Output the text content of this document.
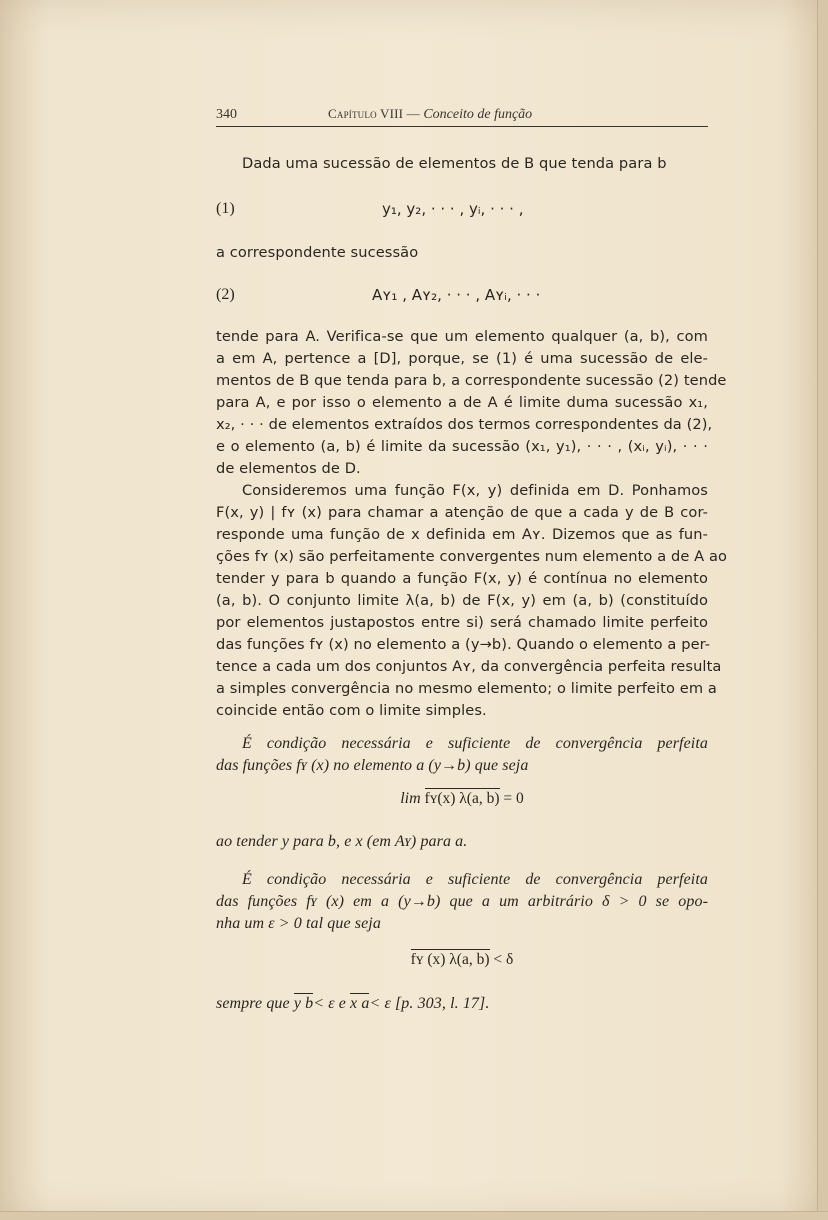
340	Capítulo VIII — Conceito de função
Dada uma sucessão de elementos de B que tenda para b
(1)	y₁, y₂, · · · , yᵢ, · · · ,
a correspondente sucessão
(2)	Aʏ₁ , Aʏ₂, · · · , Aʏᵢ, · · ·
tende para A. Verifica-se que um elemento qualquer (a, b), com
a em A, pertence a [D], porque, se (1) é uma sucessão de ele-
mentos de B que tenda para b, a correspondente sucessão (2) tende
para A, e por isso o elemento a de A é limite duma sucessão x₁,
x₂, · · · de elementos extraídos dos termos correspondentes da (2),
e o elemento (a, b) é limite da sucessão (x₁, y₁), · · · , (xᵢ, yᵢ), · · ·
de elementos de D.
Consideremos uma função F(x, y) definida em D. Ponhamos
F(x, y) | fʏ (x) para chamar a atenção de que a cada y de B cor-
responde uma função de x definida em Aʏ. Dizemos que as fun-
ções fʏ (x) são perfeitamente convergentes num elemento a de A ao
tender y para b quando a função F(x, y) é contínua no elemento
(a, b). O conjunto limite λ(a, b) de F(x, y) em (a, b) (constituído
por elementos justapostos entre si) será chamado limite perfeito
das funções fʏ (x) no elemento a (y→b). Quando o elemento a per-
tence a cada um dos conjuntos Aʏ, da convergência perfeita resulta
a simples convergência no mesmo elemento; o limite perfeito em a
coincide então com o limite simples.
É condição necessária e suficiente de convergência perfeita
das funções fʏ (x) no elemento a (y→b) que seja
lim fʏ(x) λ(a, b) = 0
ao tender y para b, e x (em Aʏ) para a.
É condição necessária e suficiente de convergência perfeita
das funções fʏ (x) em a (y→b) que a um arbitrário δ > 0 se opo-
nha um ε > 0 tal que seja
fʏ (x) λ(a, b) < δ
sempre que y b< ε e x a< ε [p. 303, l. 17].
